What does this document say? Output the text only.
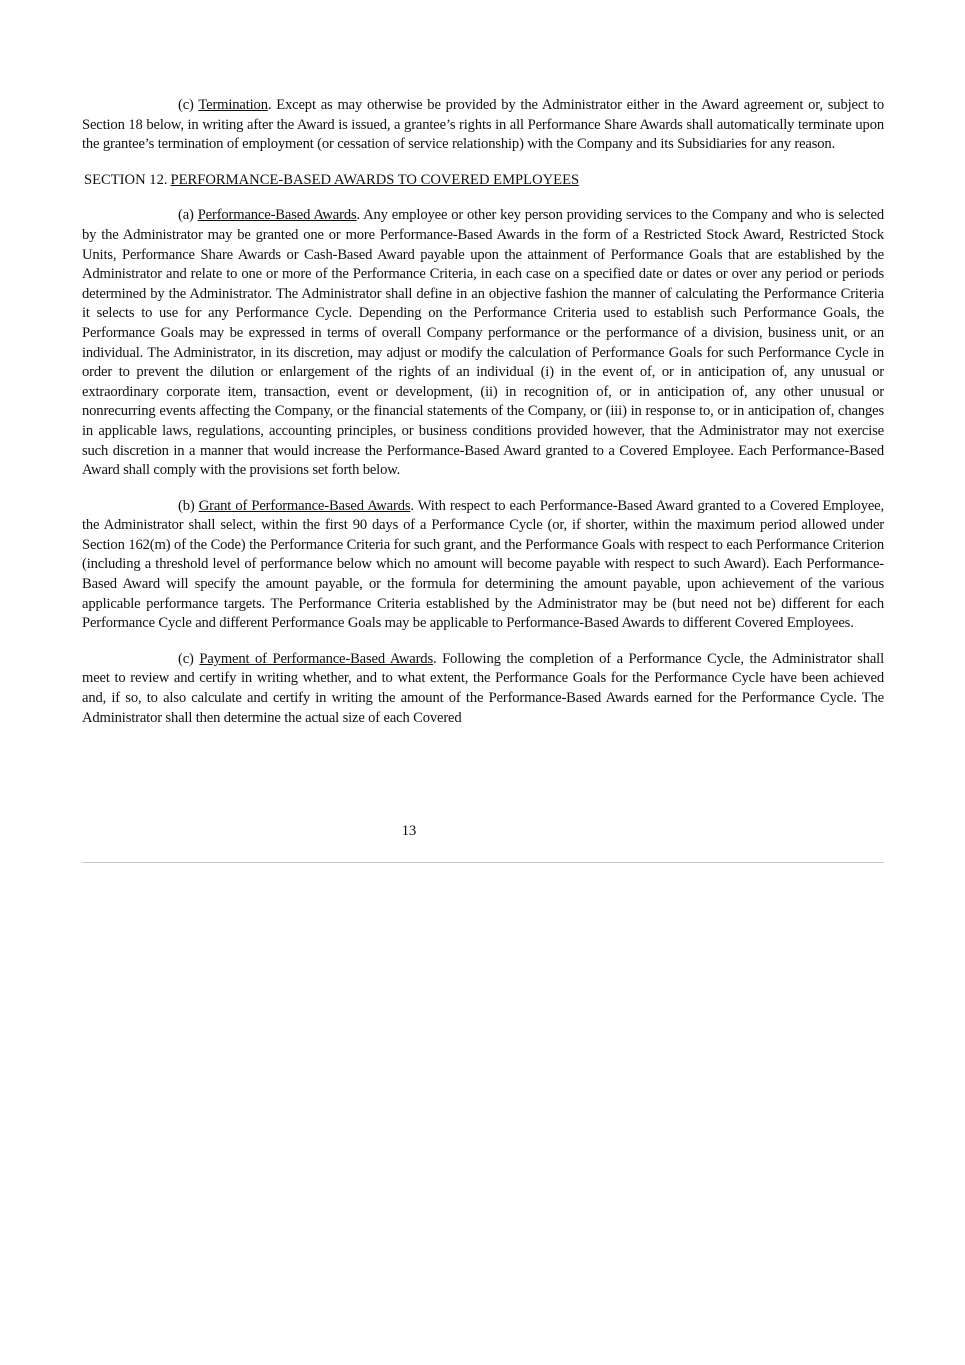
(c) Termination. Except as may otherwise be provided by the Administrator either in the Award agreement or, subject to Section 18 below, in writing after the Award is issued, a grantee’s rights in all Performance Share Awards shall automatically terminate upon the grantee’s termination of employment (or cessation of service relationship) with the Company and its Subsidiaries for any reason.

SECTION 12. PERFORMANCE-BASED AWARDS TO COVERED EMPLOYEES

(a) Performance-Based Awards. Any employee or other key person providing services to the Company and who is selected by the Administrator may be granted one or more Performance-Based Awards in the form of a Restricted Stock Award, Restricted Stock Units, Performance Share Awards or Cash-Based Award payable upon the attainment of Performance Goals that are established by the Administrator and relate to one or more of the Performance Criteria, in each case on a specified date or dates or over any period or periods determined by the Administrator. The Administrator shall define in an objective fashion the manner of calculating the Performance Criteria it selects to use for any Performance Cycle. Depending on the Performance Criteria used to establish such Performance Goals, the Performance Goals may be expressed in terms of overall Company performance or the performance of a division, business unit, or an individual. The Administrator, in its discretion, may adjust or modify the calculation of Performance Goals for such Performance Cycle in order to prevent the dilution or enlargement of the rights of an individual (i) in the event of, or in anticipation of, any unusual or extraordinary corporate item, transaction, event or development, (ii) in recognition of, or in anticipation of, any other unusual or nonrecurring events affecting the Company, or the financial statements of the Company, or (iii) in response to, or in anticipation of, changes in applicable laws, regulations, accounting principles, or business conditions provided however, that the Administrator may not exercise such discretion in a manner that would increase the Performance-Based Award granted to a Covered Employee. Each Performance-Based Award shall comply with the provisions set forth below.

(b) Grant of Performance-Based Awards. With respect to each Performance-Based Award granted to a Covered Employee, the Administrator shall select, within the first 90 days of a Performance Cycle (or, if shorter, within the maximum period allowed under Section 162(m) of the Code) the Performance Criteria for such grant, and the Performance Goals with respect to each Performance Criterion (including a threshold level of performance below which no amount will become payable with respect to such Award). Each Performance-Based Award will specify the amount payable, or the formula for determining the amount payable, upon achievement of the various applicable performance targets. The Performance Criteria established by the Administrator may be (but need not be) different for each Performance Cycle and different Performance Goals may be applicable to Performance-Based Awards to different Covered Employees.

(c) Payment of Performance-Based Awards. Following the completion of a Performance Cycle, the Administrator shall meet to review and certify in writing whether, and to what extent, the Performance Goals for the Performance Cycle have been achieved and, if so, to also calculate and certify in writing the amount of the Performance-Based Awards earned for the Performance Cycle. The Administrator shall then determine the actual size of each Covered

13
